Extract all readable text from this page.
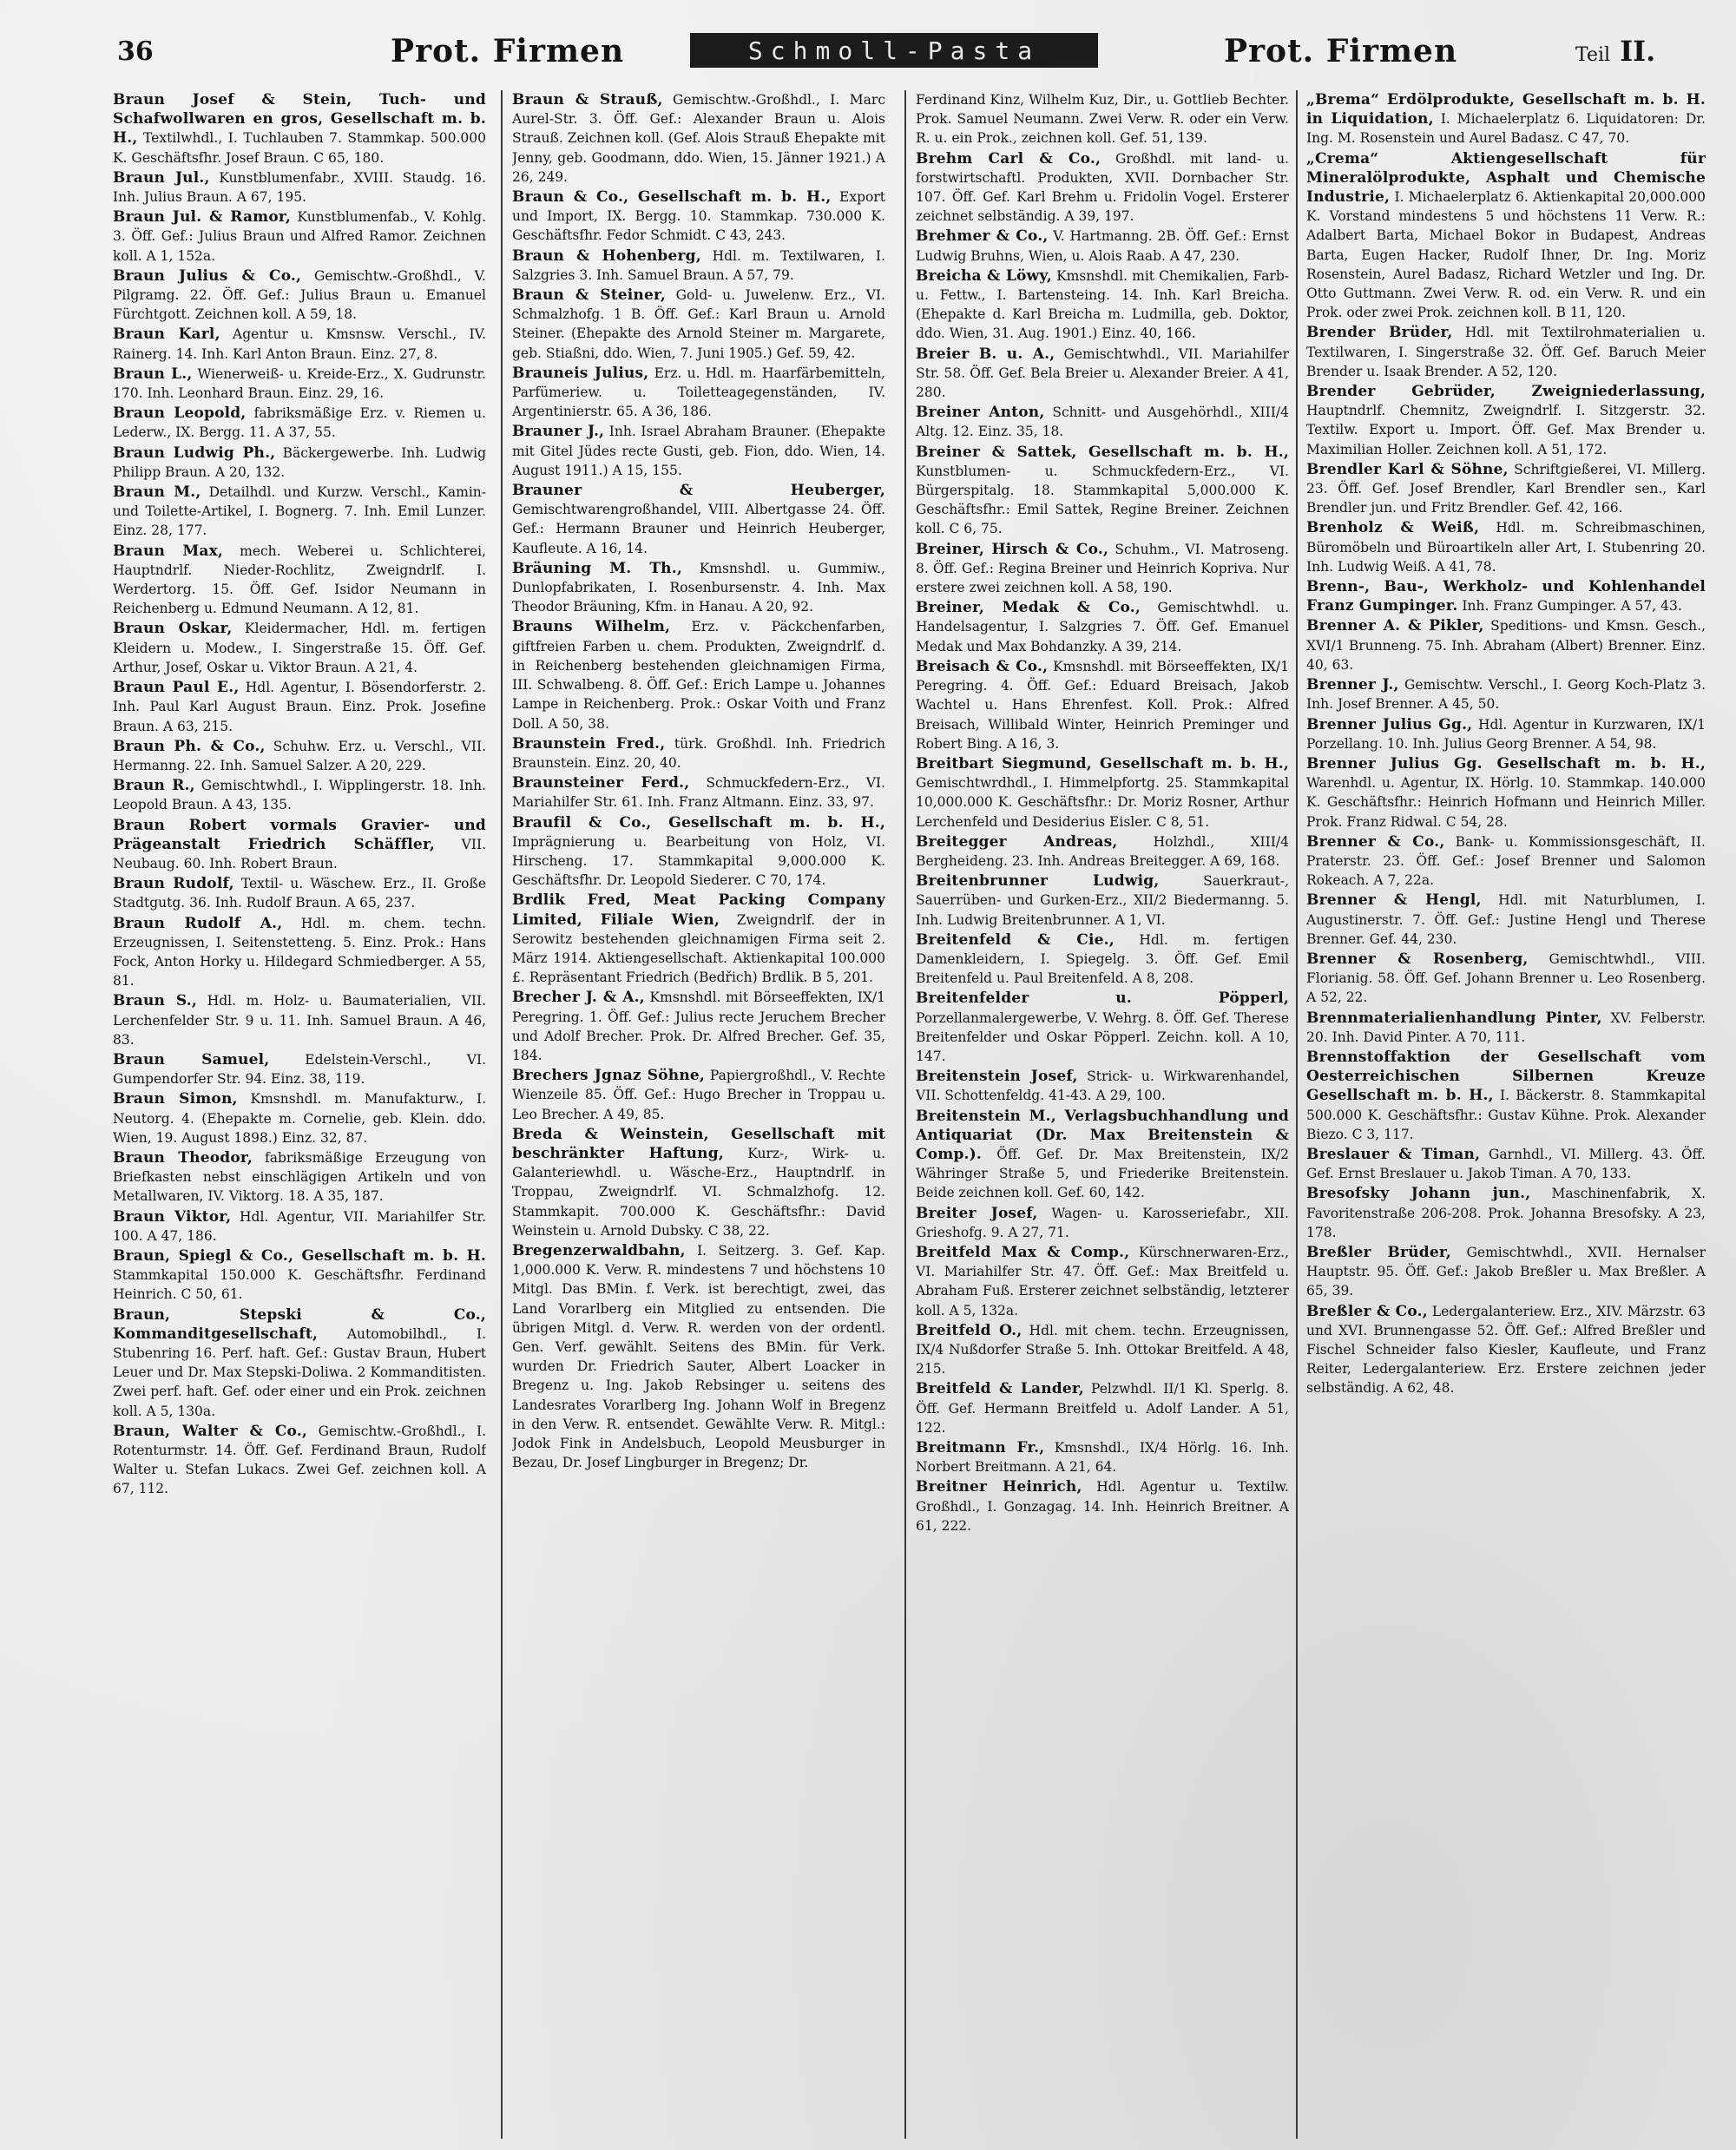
36	Prot. Firmen	Schmoll-Pasta	Prot. Firmen	Teil II.

Braun Josef & Stein, Tuch- und Schafwollwaren en gros, Gesellschaft m. b. H., Textilwhdl., I. Tuchlauben 7. Stammkap. 500.000 K. Geschäftsfhr. Josef Braun. C 65, 180.

Braun Jul., Kunstblumenfabr., XVIII. Staudg. 16. Inh. Julius Braun. A 67, 195.

Braun Jul. & Ramor, Kunstblumenfab., V. Kohlg. 3. Öff. Gef.: Julius Braun und Alfred Ramor. Zeichnen koll. A 1, 152a.

Braun Julius & Co., Gemischtw.-Großhdl., V. Pilgramg. 22. Öff. Gef.: Julius Braun u. Emanuel Fürchtgott. Zeichnen koll. A 59, 18.

Braun Karl, Agentur u. Kmsnsw. Verschl., IV. Rainerg. 14. Inh. Karl Anton Braun. Einz. 27, 8.

Braun L., Wienerweiß- u. Kreide-Erz., X. Gudrunstr. 170. Inh. Leonhard Braun. Einz. 29, 16.

Braun Leopold, fabriksmäßige Erz. v. Riemen u. Lederw., IX. Bergg. 11. A 37, 55.

Braun Ludwig Ph., Bäckergewerbe. Inh. Ludwig Philipp Braun. A 20, 132.

Braun M., Detailhdl. und Kurzw. Verschl., Kamin- und Toilette-Artikel, I. Bognerg. 7. Inh. Emil Lunzer. Einz. 28, 177.

Braun Max, mech. Weberei u. Schlichterei, Hauptndrlf. Nieder-Rochlitz, Zweigndrlf. I. Werdertorg. 15. Öff. Gef. Isidor Neumann in Reichenberg u. Edmund Neumann. A 12, 81.

Braun Oskar, Kleidermacher, Hdl. m. fertigen Kleidern u. Modew., I. Singerstraße 15. Öff. Gef. Arthur, Josef, Oskar u. Viktor Braun. A 21, 4.

Braun Paul E., Hdl. Agentur, I. Bösendorferstr. 2. Inh. Paul Karl August Braun. Einz. Prok. Josefine Braun. A 63, 215.

Braun Ph. & Co., Schuhw. Erz. u. Verschl., VII. Hermanng. 22. Inh. Samuel Salzer. A 20, 229.

Braun R., Gemischtwhdl., I. Wipplingerstr. 18. Inh. Leopold Braun. A 43, 135.

Braun Robert vormals Gravier- und Prägeanstalt Friedrich Schäffler, VII. Neubaug. 60. Inh. Robert Braun.

Braun Rudolf, Textil- u. Wäschew. Erz., II. Große Stadtgutg. 36. Inh. Rudolf Braun. A 65, 237.

Braun Rudolf A., Hdl. m. chem. techn. Erzeugnissen, I. Seitenstetteng. 5. Einz. Prok.: Hans Fock, Anton Horky u. Hildegard Schmiedberger. A 55, 81.

Braun S., Hdl. m. Holz- u. Baumaterialien, VII. Lerchenfelder Str. 9 u. 11. Inh. Samuel Braun. A 46, 83.

Braun Samuel,	Edelstein-Verschl., VI. Gumpendorfer Str. 94. Einz. 38, 119.

Braun Simon, Kmsnshdl. m. Manufakturw., I. Neutorg. 4. (Ehepakte m. Cornelie, geb. Klein. ddo. Wien, 19. August 1898.) Einz. 32, 87.

Braun Theodor, fabriksmäßige Erzeugung von Briefkasten nebst einschlägigen Artikeln und von Metallwaren, IV. Viktorg. 18. A 35, 187.

Braun Viktor, Hdl. Agentur, VII. Mariahilfer Str. 100. A 47, 186.

Braun, Spiegl & Co., Gesellschaft m. b. H. Stammkapital 150.000 K. Geschäftsfhr. Ferdinand Heinrich. C 50, 61.

Braun, Stepski & Co., Kommanditgesellschaft, Automobilhdl., I. Stubenring 16. Perf. haft. Gef.: Gustav Braun, Hubert Leuer und Dr. Max Stepski-Doliwa. 2 Kommanditisten. Zwei perf. haft. Gef. oder einer und ein Prok. zeichnen koll. A 5, 130a.

Braun, Walter & Co., Gemischtw.-Großhdl., I. Rotenturmstr. 14. Öff. Gef. Ferdinand Braun, Rudolf Walter u. Stefan Lukacs. Zwei Gef. zeichnen koll. A 67, 112.

Braun & Strauß, Gemischtw.-Großhdl., I. Marc Aurel-Str. 3. Öff. Gef.: Alexander Braun u. Alois Strauß. Zeichnen koll. (Gef. Alois Strauß Ehepakte mit Jenny, geb. Goodmann, ddo. Wien, 15. Jänner 1921.) A 26, 249.

Braun & Co., Gesellschaft m. b. H., Export und Import, IX. Bergg. 10. Stammkap. 730.000 K. Geschäftsfhr. Fedor Schmidt. C 43, 243.

Braun & Hohenberg, Hdl. m. Textilwaren, I. Salzgries 3. Inh. Samuel Braun. A 57, 79.

Braun & Steiner, Gold- u. Juwelenw. Erz., VI. Schmalzhofg. 1 B. Öff. Gef.: Karl Braun u. Arnold Steiner. (Ehepakte des Arnold Steiner m. Margarete, geb. Stiaßni, ddo. Wien, 7. Juni 1905.) Gef. 59, 42.

Brauneis Julius, Erz. u. Hdl. m. Haarfärbemitteln, Parfümeriew. u. Toiletteagegenständen, IV. Argentinierstr. 65. A 36, 186.

Brauner J., Inh. Israel Abraham Brauner. (Ehepakte mit Gitel Jüdes recte Gusti, geb. Fion, ddo. Wien, 14. August 1911.) A 15, 155.

Brauner & Heuberger, Gemischtwarengroßhandel, VIII. Albertgasse 24. Öff. Gef.: Hermann Brauner und Heinrich Heuberger, Kaufleute. A 16, 14.

Bräuning M. Th., Kmsnshdl. u. Gummiw., Dunlopfabrikaten, I. Rosenbursenstr. 4. Inh. Max Theodor Bräuning, Kfm. in Hanau. A 20, 92.

Brauns Wilhelm, Erz. v. Päckchenfarben, giftfreien Farben u. chem. Produkten, Zweigndrlf. d. in Reichenberg bestehenden gleichnamigen Firma, III. Schwalbeng. 8. Öff. Gef.: Erich Lampe u. Johannes Lampe in Reichenberg. Prok.: Oskar Voith und Franz Doll. A 50, 38.

Braunstein Fred., türk. Großhdl. Inh. Friedrich Braunstein. Einz. 20, 40.

Braunsteiner Ferd., Schmuckfedern-Erz., VI. Mariahilfer Str. 61. Inh. Franz Altmann. Einz. 33, 97.

Braufil & Co., Gesellschaft m. b. H., Imprägnierung u. Bearbeitung von Holz, VI. Hirscheng. 17. Stammkapital 9,000.000 K. Geschäftsfhr. Dr. Leopold Siederer. C 70, 174.

Brdlik Fred, Meat Packing Company Limited, Filiale Wien, Zweigndrlf. der in Serowitz bestehenden gleichnamigen Firma seit 2. März 1914. Aktiengesellschaft. Aktienkapital 100.000 £. Repräsentant Friedrich (Bedřich) Brdlik. B 5, 201.

Brecher J. & A., Kmsnshdl. mit Börseeffekten, IX/1 Peregring. 1. Öff. Gef.: Julius recte Jeruchem Brecher und Adolf Brecher. Prok. Dr. Alfred Brecher. Gef. 35, 184.

Brechers Jgnaz Söhne, Papiergroßhdl., V. Rechte Wienzeile 85. Öff. Gef.: Hugo Brecher in Troppau u. Leo Brecher. A 49, 85.

Breda & Weinstein, Gesellschaft mit beschränkter Haftung, Kurz-, Wirk- u. Galanteriewhdl. u. Wäsche-Erz., Hauptndrlf. in Troppau, Zweigndrlf. VI. Schmalzhofg. 12. Stammkapit. 700.000 K. Geschäftsfhr.: David Weinstein u. Arnold Dubsky. C 38, 22.

Bregenzerwaldbahn, I. Seitzerg. 3. Gef. Kap. 1,000.000 K. Verw. R. mindestens 7 und höchstens 10 Mitgl. Das BMin. f. Verk. ist berechtigt, zwei, das Land Vorarlberg ein Mitglied zu entsenden. Die übrigen Mitgl. d. Verw. R. werden von der ordentl. Gen. Verf. gewählt. Seitens des BMin. für Verk. wurden Dr. Friedrich Sauter, Albert Loacker in Bregenz u. Ing. Jakob Rebsinger u. seitens des Landesrates Vorarlberg Ing. Johann Wolf in Bregenz in den Verw. R. entsendet. Gewählte Verw. R. Mitgl.: Jodok Fink in Andelsbuch, Leopold Meusburger in Bezau, Dr. Josef Lingburger in Bregenz; Dr.

Ferdinand Kinz, Wilhelm Kuz, Dir., u. Gottlieb Bechter. Prok. Samuel Neumann. Zwei Verw. R. oder ein Verw. R. u. ein Prok., zeichnen koll. Gef. 51, 139.

Brehm Carl & Co., Großhdl. mit land- u. forstwirtschaftl. Produkten, XVII. Dornbacher Str. 107. Öff. Gef. Karl Brehm u. Fridolin Vogel. Ersterer zeichnet selbständig. A 39, 197.

Brehmer & Co., V. Hartmanng. 2B. Öff. Gef.: Ernst Ludwig Bruhns, Wien, u. Alois Raab. A 47, 230.

Breicha & Löwy, Kmsnshdl. mit Chemikalien, Farb- u. Fettw., I. Bartensteing. 14. Inh. Karl Breicha. (Ehepakte d. Karl Breicha m. Ludmilla, geb. Doktor, ddo. Wien, 31. Aug. 1901.) Einz. 40, 166.

Breier B. u. A., Gemischtwhdl., VII. Mariahilfer Str. 58. Öff. Gef. Bela Breier u. Alexander Breier. A 41, 280.

Breiner Anton, Schnitt- und Ausgehörhdl., XIII/4 Altg. 12. Einz. 35, 18.

Breiner & Sattek, Gesellschaft m. b. H., Kunstblumen- u. Schmuckfedern-Erz., VI. Bürgerspitalg. 18. Stammkapital 5,000.000 K. Geschäftsfhr.: Emil Sattek, Regine Breiner. Zeichnen koll. C 6, 75.

Breiner, Hirsch & Co., Schuhm., VI. Matroseng. 8. Öff. Gef.: Regina Breiner und Heinrich Kopriva. Nur erstere zwei zeichnen koll. A 58, 190.

Breiner, Medak & Co., Gemischtwhdl. u. Handelsagentur, I. Salzgries 7. Öff. Gef. Emanuel Medak und Max Bohdanzky. A 39, 214.

Breisach & Co., Kmsnshdl. mit Börseeffekten, IX/1 Peregring. 4. Öff. Gef.: Eduard Breisach, Jakob Wachtel u. Hans Ehrenfest. Koll. Prok.: Alfred Breisach, Willibald Winter, Heinrich Preminger und Robert Bing. A 16, 3.

Breitbart Siegmund, Gesellschaft m. b. H., Gemischtwrdhdl., I. Himmelpfortg. 25. Stammkapital 10,000.000 K. Geschäftsfhr.: Dr. Moriz Rosner, Arthur Lerchenfeld und Desiderius Eisler. C 8, 51.

Breitegger Andreas,	Holzhdl., XIII/4 Bergheideng. 23. Inh. Andreas Breitegger. A 69, 168.

Breitenbrunner Ludwig,	Sauerkraut-, Sauerrüben- und Gurken-Erz., XII/2 Biedermanng. 5. Inh. Ludwig Breitenbrunner. A 1, VI.

Breitenfeld & Cie., Hdl. m. fertigen Damenkleidern, I. Spiegelg. 3. Öff. Gef. Emil Breitenfeld u. Paul Breitenfeld. A 8, 208.

Breitenfelder u. Pöpperl, Porzellanmalergewerbe, V. Wehrg. 8. Öff. Gef. Therese Breitenfelder und Oskar Pöpperl. Zeichn. koll. A 10, 147.

Breitenstein Josef, Strick- u. Wirkwarenhandel, VII. Schottenfeldg. 41-43. A 29, 100.

Breitenstein M., Verlagsbuchhandlung und Antiquariat (Dr. Max Breitenstein & Comp.). Öff. Gef. Dr. Max Breitenstein, IX/2 Währinger Straße 5, und Friederike Breitenstein. Beide zeichnen koll. Gef. 60, 142.

Breiter Josef, Wagen- u. Karosseriefabr., XII. Grieshofg. 9. A 27, 71.

Breitfeld Max & Comp., Kürschnerwaren-Erz., VI. Mariahilfer Str. 47. Öff. Gef.: Max Breitfeld u. Abraham Fuß. Ersterer zeichnet selbständig, letzterer koll. A 5, 132a.

Breitfeld O., Hdl. mit chem. techn. Erzeugnissen, IX/4 Nußdorfer Straße 5. Inh. Ottokar Breitfeld. A 48, 215.

Breitfeld & Lander, Pelzwhdl. II/1 Kl. Sperlg. 8. Öff. Gef. Hermann Breitfeld u. Adolf Lander. A 51, 122.

Breitmann Fr., Kmsnshdl., IX/4 Hörlg. 16. Inh. Norbert Breitmann. A 21, 64.

Breitner Heinrich, Hdl. Agentur u. Textilw. Großhdl., I. Gonzagag. 14. Inh. Heinrich Breitner. A 61, 222.

„Brema“ Erdölprodukte, Gesellschaft m. b. H. in Liquidation, I. Michaelerplatz 6. Liquidatoren: Dr. Ing. M. Rosenstein und Aurel Badasz. C 47, 70.

„Crema“ Aktiengesellschaft für Mineralölprodukte, Asphalt und Chemische Industrie, I. Michaelerplatz 6. Aktienkapital 20,000.000 K. Vorstand mindestens 5 und höchstens 11 Verw. R.: Adalbert Barta, Michael Bokor in Budapest, Andreas Barta, Eugen Hacker, Rudolf Ihner, Dr. Ing. Moriz Rosenstein, Aurel Badasz, Richard Wetzler und Ing. Dr. Otto Guttmann. Zwei Verw. R. od. ein Verw. R. und ein Prok. oder zwei Prok. zeichnen koll. B 11, 120.

Brender Brüder, Hdl. mit Textilrohmaterialien u. Textilwaren, I. Singerstraße 32. Öff. Gef. Baruch Meier Brender u. Isaak Brender. A 52, 120.

Brender Gebrüder, Zweigniederlassung, Hauptndrlf. Chemnitz, Zweigndrlf. I. Sitzgerstr. 32. Textilw. Export u. Import. Öff. Gef. Max Brender u. Maximilian Holler. Zeichnen koll. A 51, 172.

Brendler Karl & Söhne, Schriftgießerei, VI. Millerg. 23. Öff. Gef. Josef Brendler, Karl Brendler sen., Karl Brendler jun. und Fritz Brendler. Gef. 42, 166.

Brenholz & Weiß, Hdl. m. Schreibmaschinen, Büromöbeln und Büroartikeln aller Art, I. Stubenring 20. Inh. Ludwig Weiß. A 41, 78.

Brenn-, Bau-, Werkholz- und Kohlenhandel Franz Gumpinger. Inh. Franz Gumpinger. A 57, 43.

Brenner A. & Pikler, Speditions- und Kmsn. Gesch., XVI/1 Brunneng. 75. Inh. Abraham (Albert) Brenner. Einz. 40, 63.

Brenner J., Gemischtw. Verschl., I. Georg Koch-Platz 3. Inh. Josef Brenner. A 45, 50.

Brenner Julius Gg., Hdl. Agentur in Kurzwaren, IX/1 Porzellang. 10. Inh. Julius Georg Brenner. A 54, 98.

Brenner Julius Gg. Gesellschaft m. b. H., Warenhdl. u. Agentur, IX. Hörlg. 10. Stammkap. 140.000 K. Geschäftsfhr.: Heinrich Hofmann und Heinrich Miller. Prok. Franz Ridwal. C 54, 28.

Brenner & Co., Bank- u. Kommissionsgeschäft, II. Praterstr. 23. Öff. Gef.: Josef Brenner und Salomon Rokeach. A 7, 22a.

Brenner & Hengl, Hdl. mit Naturblumen, I. Augustinerstr. 7. Öff. Gef.: Justine Hengl und Therese Brenner. Gef. 44, 230.

Brenner & Rosenberg, Gemischtwhdl., VIII. Florianig. 58. Öff. Gef. Johann Brenner u. Leo Rosenberg. A 52, 22.

Brennmaterialienhandlung Pinter, XV. Felberstr. 20. Inh. David Pinter. A 70, 111.

Brennstoffaktion der Gesellschaft vom Oesterreichischen Silbernen Kreuze Gesellschaft m. b. H., I. Bäckerstr. 8. Stammkapital 500.000 K. Geschäftsfhr.: Gustav Kühne. Prok. Alexander Biezo. C 3, 117.

Breslauer & Timan, Garnhdl., VI. Millerg. 43. Öff. Gef. Ernst Breslauer u. Jakob Timan. A 70, 133.

Bresofsky Johann jun., Maschinenfabrik, X. Favoritenstraße 206-208. Prok. Johanna Bresofsky. A 23, 178.

Breßler Brüder, Gemischtwhdl., XVII. Hernalser Hauptstr. 95. Öff. Gef.: Jakob Breßler u. Max Breßler. A 65, 39.

Breßler & Co., Ledergalanteriew. Erz., XIV. Märzstr. 63 und XVI. Brunnengasse 52. Öff. Gef.: Alfred Breßler und Fischel Schneider falso Kiesler, Kaufleute, und Franz Reiter, Ledergalanteriew. Erz. Erstere zeichnen jeder selbständig. A 62, 48.
